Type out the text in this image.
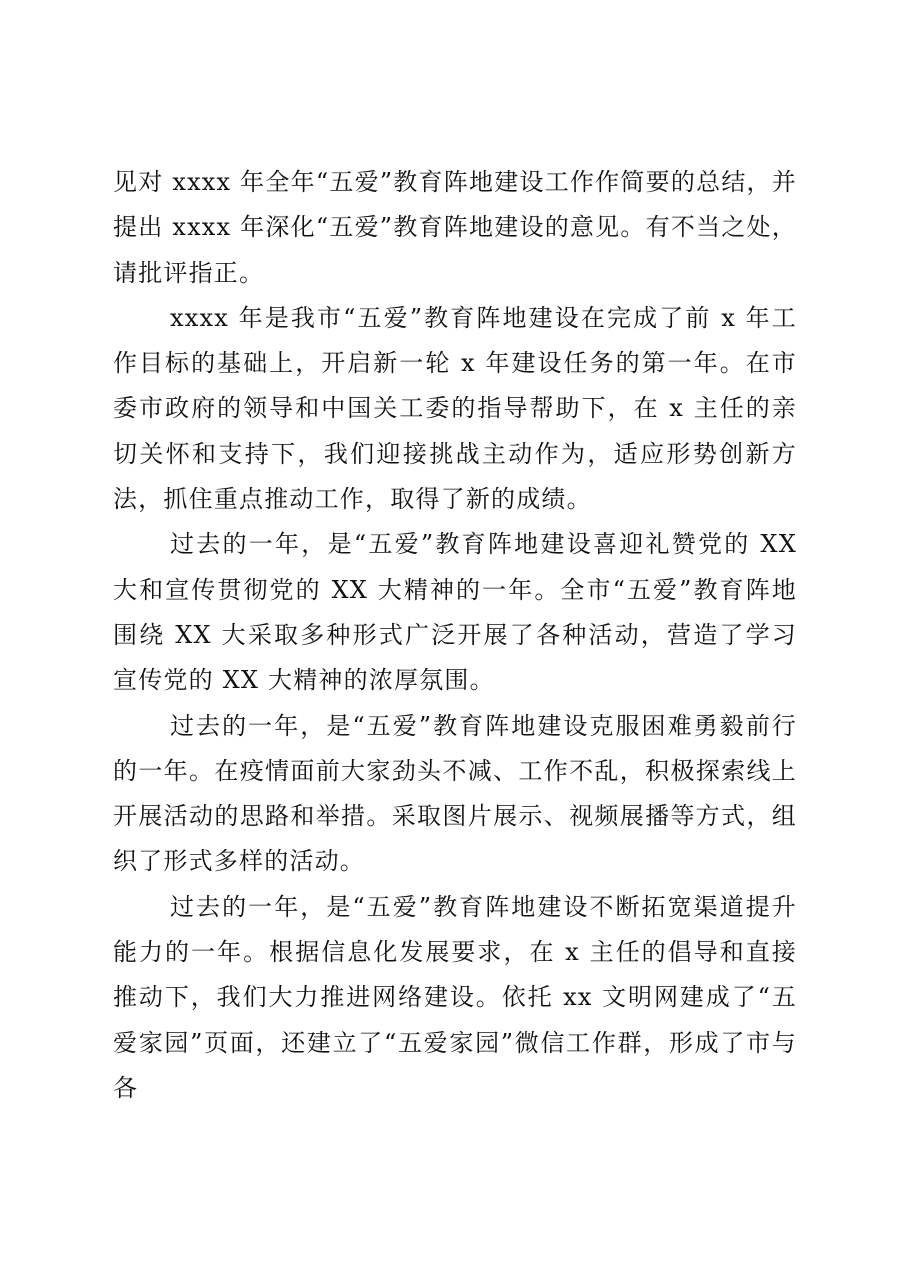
见对 xxxx 年全年“五爱”教育阵地建设工作作简要的总结，并提出 xxxx 年深化“五爱”教育阵地建设的意见。有不当之处，请批评指正。

xxxx 年是我市“五爱”教育阵地建设在完成了前 x 年工作目标的基础上，开启新一轮 x 年建设任务的第一年。在市委市政府的领导和中国关工委的指导帮助下，在 x 主任的亲切关怀和支持下，我们迎接挑战主动作为，适应形势创新方法，抓住重点推动工作，取得了新的成绩。

过去的一年，是“五爱”教育阵地建设喜迎礼赞党的 XX 大和宣传贯彻党的 XX 大精神的一年。全市“五爱”教育阵地围绕 XX 大采取多种形式广泛开展了各种活动，营造了学习宣传党的 XX 大精神的浓厚氛围。

过去的一年，是“五爱”教育阵地建设克服困难勇毅前行的一年。在疫情面前大家劲头不减、工作不乱，积极探索线上开展活动的思路和举措。采取图片展示、视频展播等方式，组织了形式多样的活动。

过去的一年，是“五爱”教育阵地建设不断拓宽渠道提升能力的一年。根据信息化发展要求，在 x 主任的倡导和直接推动下，我们大力推进网络建设。依托 xx 文明网建成了“五爱家园”页面，还建立了“五爱家园”微信工作群，形成了市与各
